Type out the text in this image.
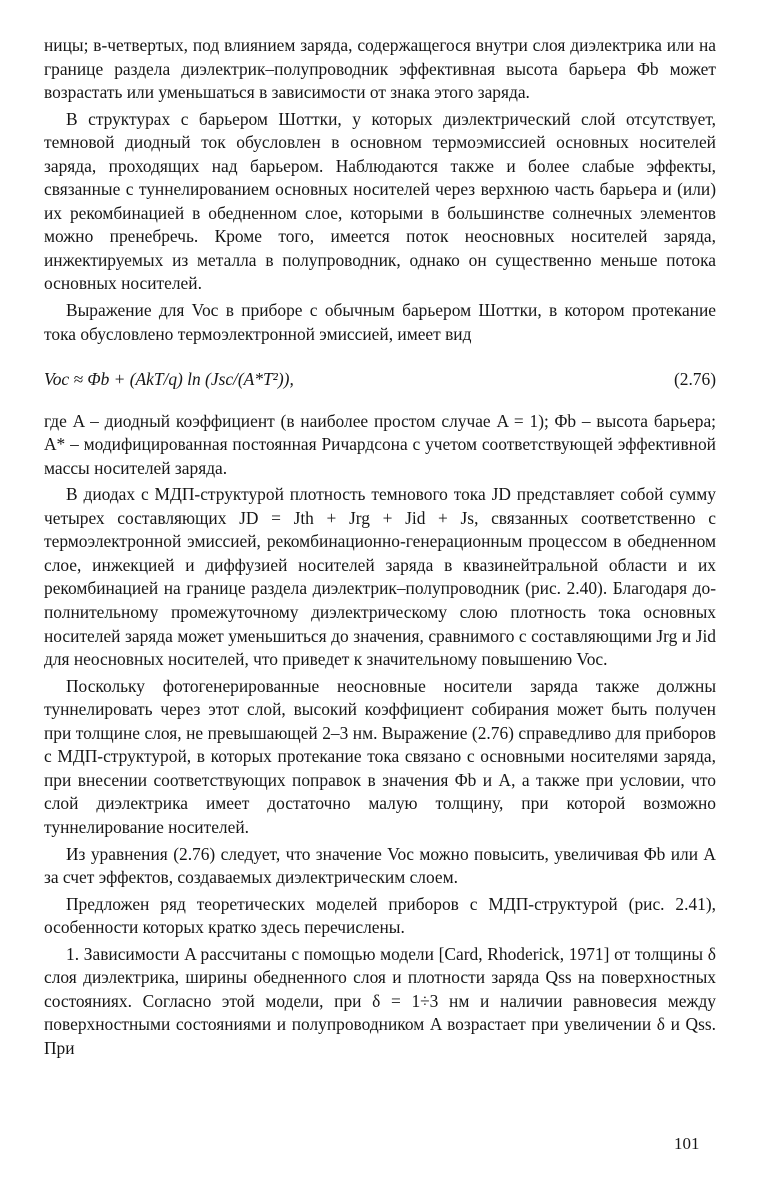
ницы; в-четвертых, под влиянием заряда, содержащегося внутри слоя диэлектрика или на границе раздела диэлектрик–полупроводник эффективная высота барьера Φb может возрастать или уменьшаться в зависимости от знака этого заряда.

В структурах с барьером Шоттки, у которых диэлектрический слой отсутствует, темновой диодный ток обусловлен в основном термоэмиссией основных носителей заряда, проходящих над барьером. Наблюдаются также и более слабые эффекты, связанные с туннелированием основных носителей через верхнюю часть барьера и (или) их рекомбинацией в обедненном слое, которыми в большинстве солнечных элементов можно пренебречь. Кроме того, имеется поток неосновных носителей заряда, инжектируемых из металла в полупроводник, однако он существенно меньше потока основных носителей.

Выражение для Voc в приборе с обычным барьером Шоттки, в котором протекание тока обусловлено термоэлектронной эмиссией, имеет вид

Voc ≈ Φb + (AkT/q) ln (Jsc/(A*T²)),	(2.76)

где A – диодный коэффициент (в наиболее простом случае A = 1); Φb – высота барьера; A* – модифицированная постоянная Ричардсона с учетом соответствующей эффективной массы носителей заряда.

В диодах с МДП-структурой плотность темнового тока JD представляет собой сумму четырех составляющих JD = Jth + Jrg + Jid + Js, связанных соответственно с термоэлектронной эмиссией, рекомбинационно-генерационным процессом в обедненном слое, инжекцией и диффузией носителей заряда в квазинейтральной области и их рекомбинацией на границе раздела диэлектрик–полупроводник (рис. 2.40). Благодаря дополнительному промежуточному диэлектрическому слою плотность тока основных носителей заряда может уменьшиться до значения, сравнимого с составляющими Jrg и Jid для неосновных носителей, что приведет к значительному повышению Voc.

Поскольку фотогенерированные неосновные носители заряда также должны туннелировать через этот слой, высокий коэффициент собирания может быть получен при толщине слоя, не превышающей 2–3 нм. Выражение (2.76) справедливо для приборов с МДП-структурой, в которых протекание тока связано с основными носителями заряда, при внесении соответствующих поправок в значения Φb и A, а также при условии, что слой диэлектрика имеет достаточно малую толщину, при которой возможно туннелирование носителей.

Из уравнения (2.76) следует, что значение Voc можно повысить, увеличивая Φb или A за счет эффектов, создаваемых диэлектрическим слоем.

Предложен ряд теоретических моделей приборов с МДП-структурой (рис. 2.41), особенности которых кратко здесь перечислены.

1. Зависимости A рассчитаны с помощью модели [Card, Rhoderick, 1971] от толщины δ слоя диэлектрика, ширины обедненного слоя и плотности заряда Qss на поверхностных состояниях. Согласно этой модели, при δ = 1÷3 нм и наличии равновесия между поверхностными состояниями и полупроводником A возрастает при увеличении δ и Qss. При

101
